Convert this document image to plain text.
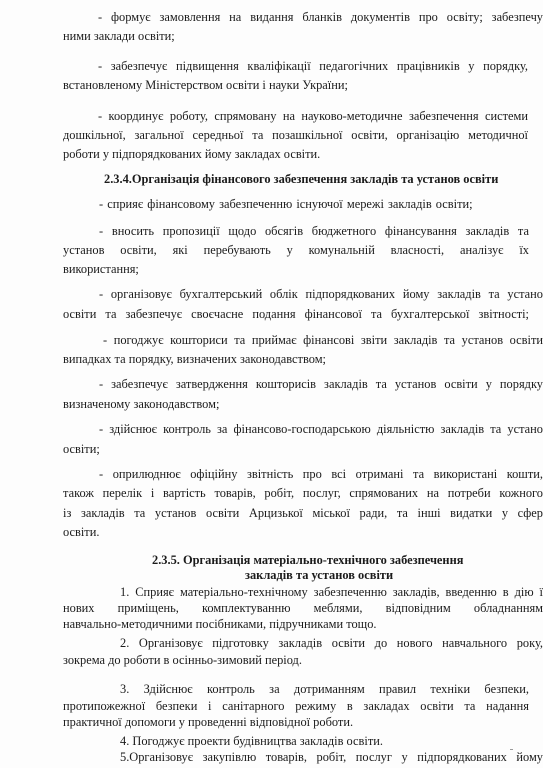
- формує замовлення на видання бланків документів про освіту; забезпечу
ними заклади освіти;
- забезпечує підвищення кваліфікації педагогічних працівників у порядку,
встановленому Міністерством освіти і науки України;
- координує роботу, спрямовану на науково-методичне забезпечення системи
дошкільної, загальної середньої та позашкільної освіти, організацію методичної
роботи у підпорядкованих йому закладах освіти.
2.3.4.Організація фінансового забезпечення закладів та установ освіти
- сприяє фінансовому забезпеченню існуючої мережі закладів освіти;
- вносить пропозиції щодо обсягів бюджетного фінансування закладів та
установ освіти, які перебувають у комунальній власності, аналізує їх
використання;
- організовує бухгалтерський облік підпорядкованих йому закладів та устано
освіти та забезпечує своєчасне подання фінансової та бухгалтерської звітності;
- погоджує кошториси та приймає фінансові звіти закладів та установ освіти
випадках та порядку, визначених законодавством;
- забезпечує затвердження кошторисів закладів та установ освіти у порядку
визначеному законодавством;
- здійснює контроль за фінансово-господарською діяльністю закладів та устано
освіти;
- оприлюднює офіційну звітність про всі отримані та використані кошти,
також перелік і вартість товарів, робіт, послуг, спрямованих на потреби кожного
із закладів та установ освіти Арцизької міської ради, та інші видатки у сфер
освіти.
2.3.5. Організація матеріально-технічного забезпечення
закладів та установ освіти
1. Сприяє матеріально-технічному забезпеченню закладів, введенню в дію ї
нових приміщень, комплектуванню меблями, відповідним обладнанням
навчально-методичними посібниками, підручниками тощо.
2. Організовує підготовку закладів освіти до нового навчального року,
зокрема до роботи в осінньо-зимовий період.
3. Здійснює контроль за дотриманням правил техніки безпеки,
протипожежної безпеки і санітарного режиму в закладах освіти та надання
практичної допомоги у проведенні відповідної роботи.
4. Погоджує проекти будівництва закладів освіти.
5.Організовує закупівлю товарів, робіт, послуг у підпорядкованих йому
